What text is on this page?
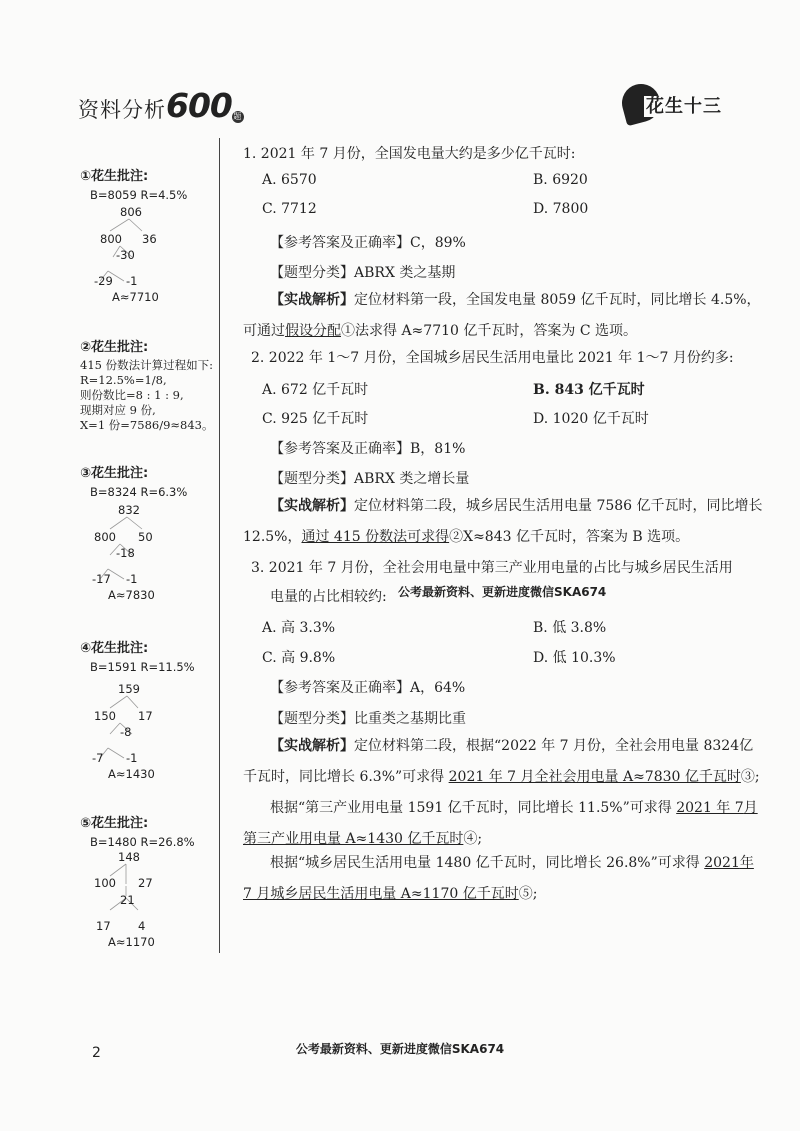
资料分析600 题	花生十三
①花生批注:
B=8059 R=4.5%
806
800 36
-30
-29 -1
A≈7710
②花生批注:
415 份数法计算过程如下:
R=12.5%=1/8,
则份数比=8 : 1 : 9,
现期对应 9 份,
X=1 份=7586/9≈843。
③花生批注:
B=8324 R=6.3%
832
800 50
-18
-17 -1
A≈7830
④花生批注:
B=1591 R=11.5%
159
150 17
-8
-7 -1
A≈1430
⑤花生批注:
B=1480 R=26.8%
148
100 27
21
17 4
A≈1170
1. 2021 年 7 月份，全国发电量大约是多少亿千瓦时:
A. 6570	B. 6920
C. 7712	D. 7800
【参考答案及正确率】C，89%
【题型分类】ABRX 类之基期
【实战解析】定位材料第一段，全国发电量 8059 亿千瓦时，同比增长 4.5%，可通过假设分配①法求得 A≈7710 亿千瓦时，答案为 C 选项。
2. 2022 年 1～7 月份，全国城乡居民生活用电量比 2021 年 1～7 月份约多:
A. 672 亿千瓦时	B. 843 亿千瓦时
C. 925 亿千瓦时	D. 1020 亿千瓦时
【参考答案及正确率】B，81%
【题型分类】ABRX 类之增长量
【实战解析】定位材料第二段，城乡居民生活用电量 7586 亿千瓦时，同比增长 12.5%，通过 415 份数法可求得②X≈843 亿千瓦时，答案为 B 选项。
3. 2021 年 7 月份，全社会用电量中第三产业用电量的占比与城乡居民生活用
电量的占比相较约: 公考最新资料、更新进度微信SKA674
A. 高 3.3%	B. 低 3.8%
C. 高 9.8%	D. 低 10.3%
【参考答案及正确率】A，64%
【题型分类】比重类之基期比重
【实战解析】定位材料第二段，根据“2022 年 7 月份，全社会用电量 8324亿千瓦时，同比增长 6.3%”可求得 2021 年 7 月全社会用电量 A≈7830 亿千瓦时③;
根据“第三产业用电量 1591 亿千瓦时，同比增长 11.5%”可求得 2021 年 7月第三产业用电量 A≈1430 亿千瓦时④;
根据“城乡居民生活用电量 1480 亿千瓦时，同比增长 26.8%”可求得 2021年 7 月城乡居民生活用电量 A≈1170 亿千瓦时⑤;
2	公考最新资料、更新进度微信SKA674
